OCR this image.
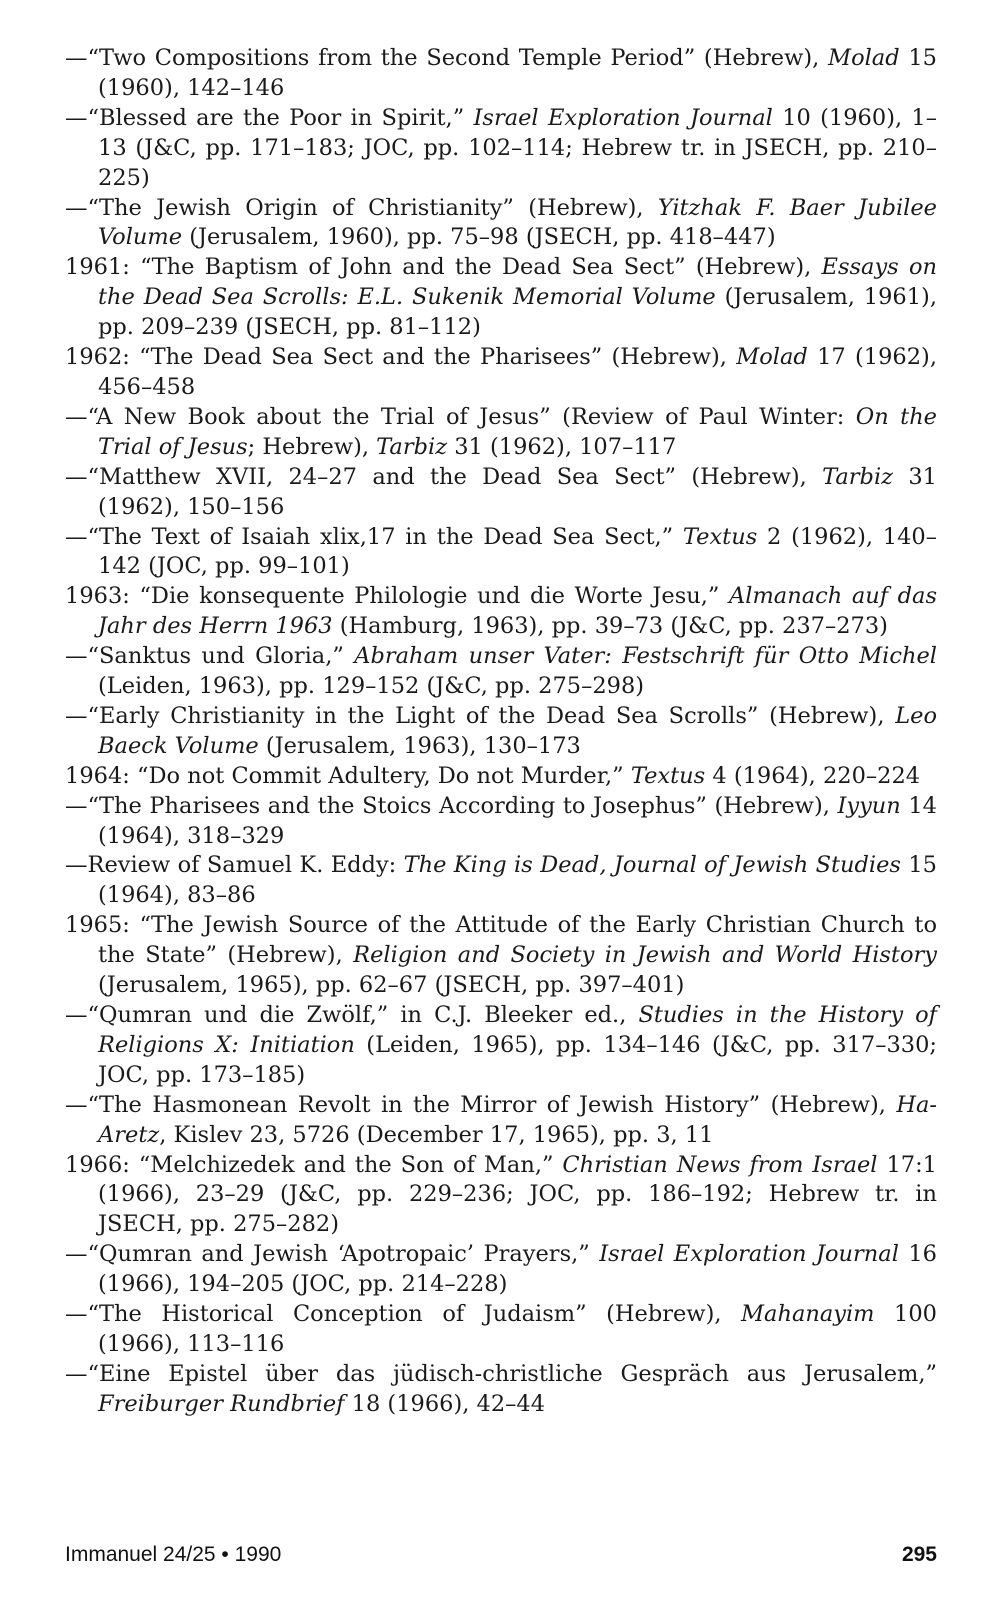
—“Two Compositions from the Second Temple Period” (Hebrew), Molad 15 (1960), 142–146

—“Blessed are the Poor in Spirit,” Israel Exploration Journal 10 (1960), 1–13 (J&C, pp. 171–183; JOC, pp. 102–114; Hebrew tr. in JSECH, pp. 210–225)

—“The Jewish Origin of Christianity” (Hebrew), Yitzhak F. Baer Jubilee Volume (Jerusalem, 1960), pp. 75–98 (JSECH, pp. 418–447)

1961: “The Baptism of John and the Dead Sea Sect” (Hebrew), Essays on the Dead Sea Scrolls: E.L. Sukenik Memorial Volume (Jerusalem, 1961), pp. 209–239 (JSECH, pp. 81–112)

1962: “The Dead Sea Sect and the Pharisees” (Hebrew), Molad 17 (1962), 456–458

—“A New Book about the Trial of Jesus” (Review of Paul Winter: On the Trial of Jesus; Hebrew), Tarbiz 31 (1962), 107–117

—“Matthew XVII, 24–27 and the Dead Sea Sect” (Hebrew), Tarbiz 31 (1962), 150–156

—“The Text of Isaiah xlix,17 in the Dead Sea Sect,” Textus 2 (1962), 140–142 (JOC, pp. 99–101)

1963: “Die konsequente Philologie und die Worte Jesu,” Almanach auf das Jahr des Herrn 1963 (Hamburg, 1963), pp. 39–73 (J&C, pp. 237–273)

—“Sanktus und Gloria,” Abraham unser Vater: Festschrift für Otto Michel (Leiden, 1963), pp. 129–152 (J&C, pp. 275–298)

—“Early Christianity in the Light of the Dead Sea Scrolls” (Hebrew), Leo Baeck Volume (Jerusalem, 1963), 130–173

1964: “Do not Commit Adultery, Do not Murder,” Textus 4 (1964), 220–224

—“The Pharisees and the Stoics According to Josephus” (Hebrew), Iyyun 14 (1964), 318–329

—Review of Samuel K. Eddy: The King is Dead, Journal of Jewish Studies 15 (1964), 83–86

1965: “The Jewish Source of the Attitude of the Early Christian Church to the State” (Hebrew), Religion and Society in Jewish and World History (Jerusalem, 1965), pp. 62–67 (JSECH, pp. 397–401)

—“Qumran und die Zwölf,” in C.J. Bleeker ed., Studies in the History of Religions X: Initiation (Leiden, 1965), pp. 134–146 (J&C, pp. 317–330; JOC, pp. 173–185)

—“The Hasmonean Revolt in the Mirror of Jewish History” (Hebrew), Ha-Aretz, Kislev 23, 5726 (December 17, 1965), pp. 3, 11

1966: “Melchizedek and the Son of Man,” Christian News from Israel 17:1 (1966), 23–29 (J&C, pp. 229–236; JOC, pp. 186–192; Hebrew tr. in JSECH, pp. 275–282)

—“Qumran and Jewish ‘Apotropaic’ Prayers,” Israel Exploration Journal 16 (1966), 194–205 (JOC, pp. 214–228)

—“The Historical Conception of Judaism” (Hebrew), Mahanayim 100 (1966), 113–116

—“Eine Epistel über das jüdisch-christliche Gespräch aus Jerusalem,” Freiburger Rundbrief 18 (1966), 42–44

Immanuel 24/25 • 1990	295
